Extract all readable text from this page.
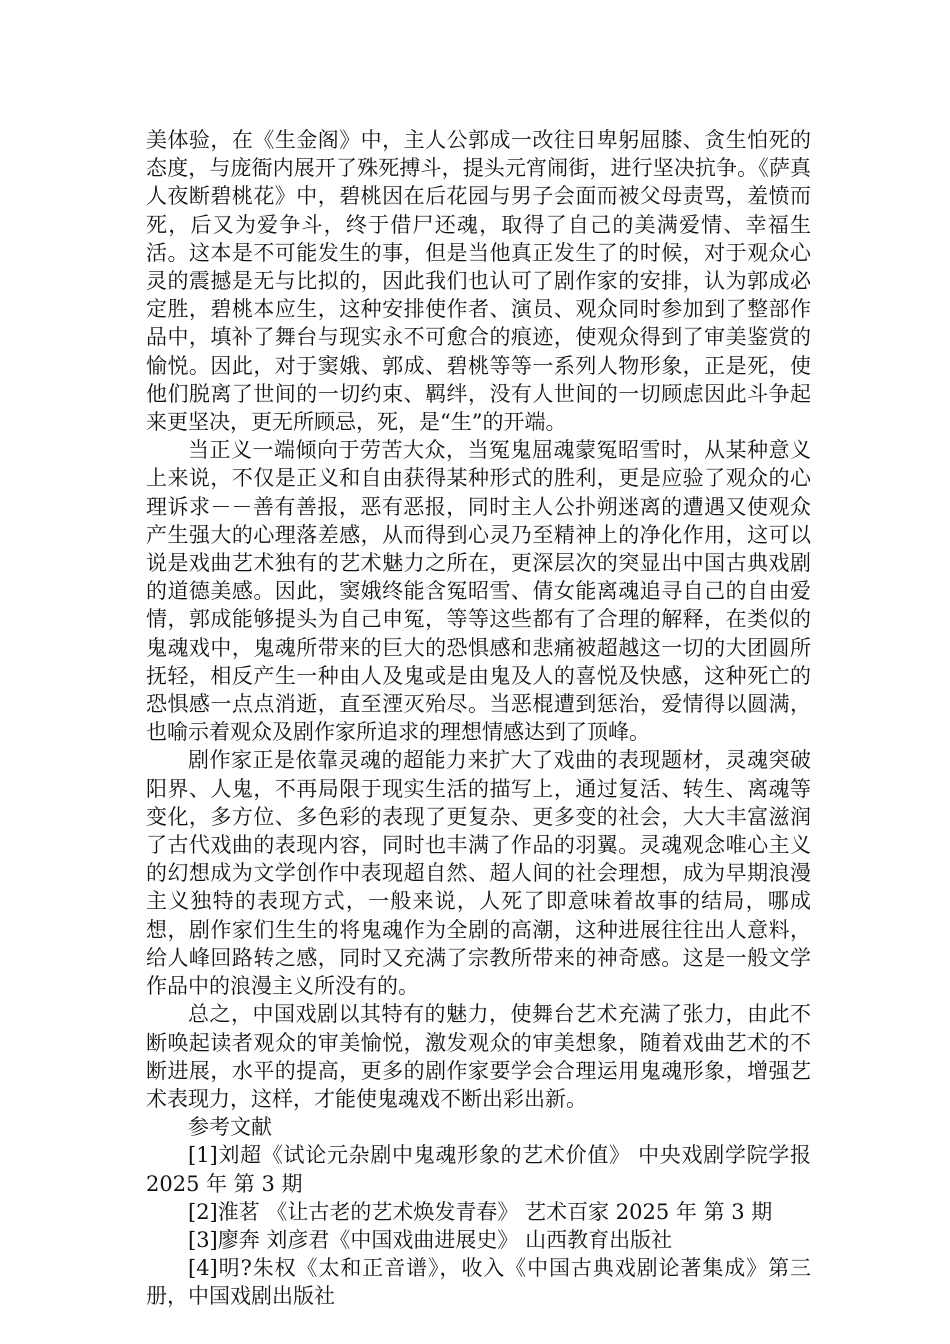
美体验，在《生金阁》中，主人公郭成一改往日卑躬屈膝、贪生怕死的态度，与庞衙内展开了殊死搏斗，提头元宵闹街，进行坚决抗争。《萨真人夜断碧桃花》中，碧桃因在后花园与男子会面而被父母责骂，羞愤而死，后又为爱争斗，终于借尸还魂，取得了自己的美满爱情、幸福生活。这本是不可能发生的事，但是当他真正发生了的时候，对于观众心灵的震撼是无与比拟的，因此我们也认可了剧作家的安排，认为郭成必定胜，碧桃本应生，这种安排使作者、演员、观众同时参加到了整部作品中，填补了舞台与现实永不可愈合的痕迹，使观众得到了审美鉴赏的愉悦。因此，对于窦娥、郭成、碧桃等等一系列人物形象，正是死，使他们脱离了世间的一切约束、羁绊，没有人世间的一切顾虑因此斗争起来更坚决，更无所顾忌，死，是“生”的开端。

当正义一端倾向于劳苦大众，当冤鬼屈魂蒙冤昭雪时，从某种意义上来说，不仅是正义和自由获得某种形式的胜利，更是应验了观众的心理诉求－－善有善报，恶有恶报，同时主人公扑朔迷离的遭遇又使观众产生强大的心理落差感，从而得到心灵乃至精神上的净化作用，这可以说是戏曲艺术独有的艺术魅力之所在，更深层次的突显出中国古典戏剧的道德美感。因此，窦娥终能含冤昭雪、倩女能离魂追寻自己的自由爱情，郭成能够提头为自己申冤，等等这些都有了合理的解释，在类似的鬼魂戏中，鬼魂所带来的巨大的恐惧感和悲痛被超越这一切的大团圆所抚轻，相反产生一种由人及鬼或是由鬼及人的喜悦及快感，这种死亡的恐惧感一点点消逝，直至湮灭殆尽。当恶棍遭到惩治，爱情得以圆满，也喻示着观众及剧作家所追求的理想情感达到了顶峰。

剧作家正是依靠灵魂的超能力来扩大了戏曲的表现题材，灵魂突破阳界、人鬼，不再局限于现实生活的描写上，通过复活、转生、离魂等变化，多方位、多色彩的表现了更复杂、更多变的社会，大大丰富滋润了古代戏曲的表现内容，同时也丰满了作品的羽翼。灵魂观念唯心主义的幻想成为文学创作中表现超自然、超人间的社会理想，成为早期浪漫主义独特的表现方式，一般来说，人死了即意味着故事的结局，哪成想，剧作家们生生的将鬼魂作为全剧的高潮，这种进展往往出人意料，给人峰回路转之感，同时又充满了宗教所带来的神奇感。这是一般文学作品中的浪漫主义所没有的。

总之，中国戏剧以其特有的魅力，使舞台艺术充满了张力，由此不断唤起读者观众的审美愉悦，激发观众的审美想象，随着戏曲艺术的不断进展，水平的提高，更多的剧作家要学会合理运用鬼魂形象，增强艺术表现力，这样，才能使鬼魂戏不断出彩出新。

参考文献

[1]刘超《试论元杂剧中鬼魂形象的艺术价值》 中央戏剧学院学报 2025 年 第 3 期

[2]淮茗 《让古老的艺术焕发青春》 艺术百家 2025 年 第 3 期

[3]廖奔 刘彦君《中国戏曲进展史》 山西教育出版社

[4]明?朱权《太和正音谱》，收入《中国古典戏剧论著集成》第三册，中国戏剧出版社
